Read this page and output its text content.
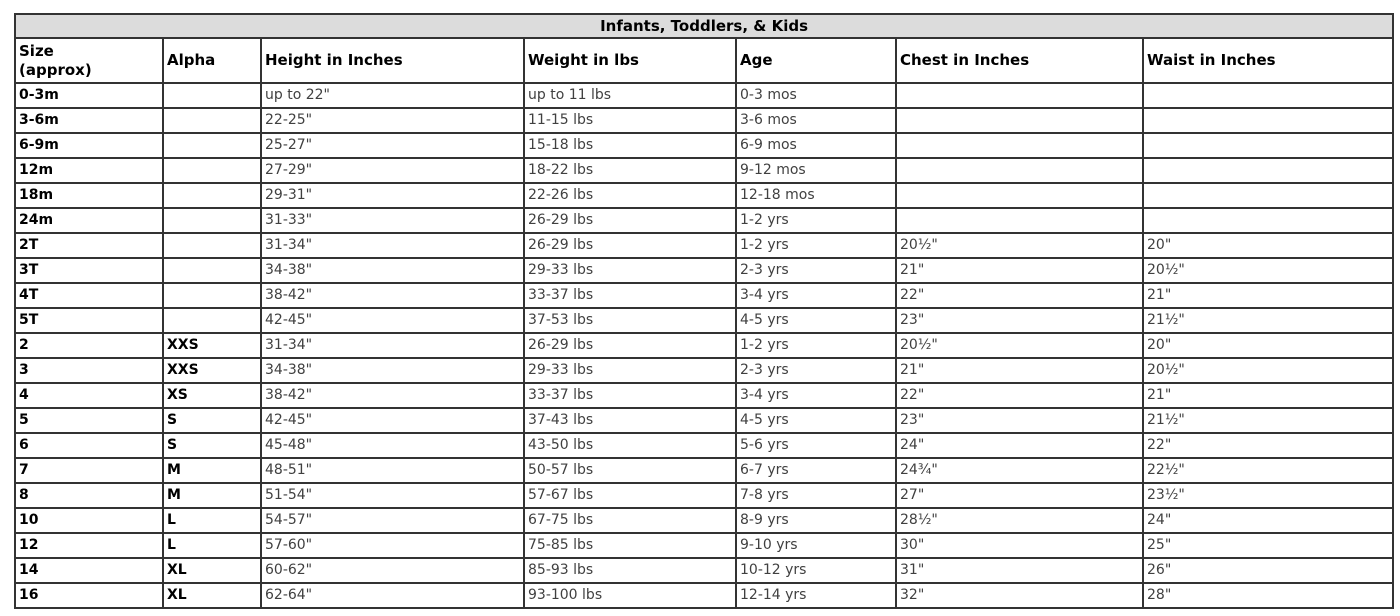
Infants, Toddlers, & Kids						
Size
(approx)	Alpha	Height in Inches	Weight in lbs	Age	Chest in Inches	Waist in Inches
0-3m		up to 22"	up to 11 lbs	0-3 mos		
3-6m		22-25"	11-15 lbs	3-6 mos		
6-9m		25-27"	15-18 lbs	6-9 mos		
12m		27-29"	18-22 lbs	9-12 mos		
18m		29-31"	22-26 lbs	12-18 mos		
24m		31-33"	26-29 lbs	1-2 yrs		
2T		31-34"	26-29 lbs	1-2 yrs	20½"	20"
3T		34-38"	29-33 lbs	2-3 yrs	21"	20½"
4T		38-42"	33-37 lbs	3-4 yrs	22"	21"
5T		42-45"	37-53 lbs	4-5 yrs	23"	21½"
2	XXS	31-34"	26-29 lbs	1-2 yrs	20½"	20"
3	XXS	34-38"	29-33 lbs	2-3 yrs	21"	20½"
4	XS	38-42"	33-37 lbs	3-4 yrs	22"	21"
5	S	42-45"	37-43 lbs	4-5 yrs	23"	21½"
6	S	45-48"	43-50 lbs	5-6 yrs	24"	22"
7	M	48-51"	50-57 lbs	6-7 yrs	24¾"	22½"
8	M	51-54"	57-67 lbs	7-8 yrs	27"	23½"
10	L	54-57"	67-75 lbs	8-9 yrs	28½"	24"
12	L	57-60"	75-85 lbs	9-10 yrs	30"	25"
14	XL	60-62"	85-93 lbs	10-12 yrs	31"	26"
16	XL	62-64"	93-100 lbs	12-14 yrs	32"	28"
